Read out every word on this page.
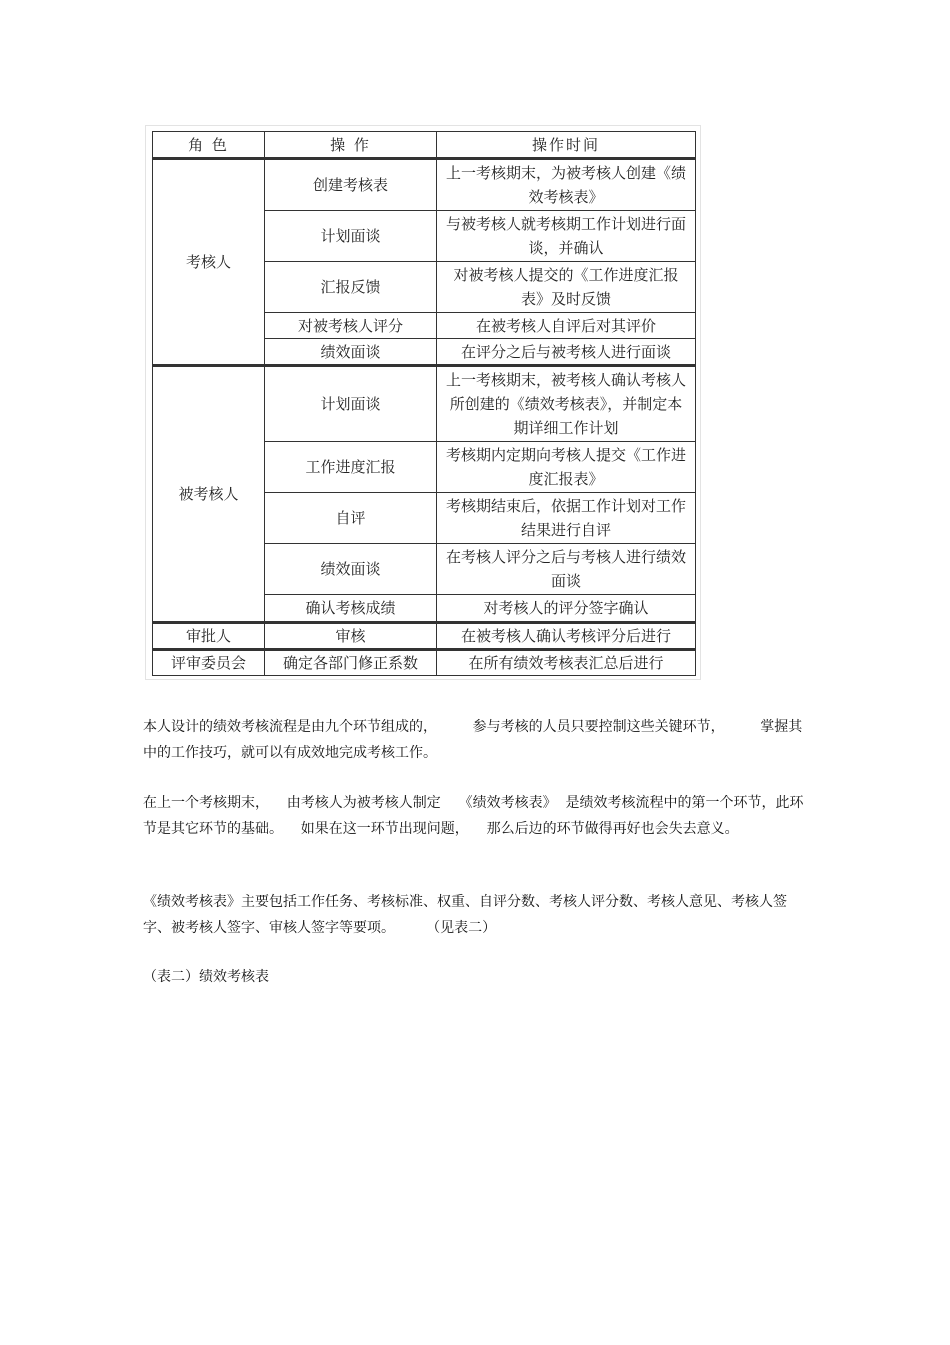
角 色	操 作	操作时间
考核人	创建考核表	上一考核期末，为被考核人创建《绩效考核表》
	计划面谈	与被考核人就考核期工作计划进行面谈，并确认
	汇报反馈	对被考核人提交的《工作进度汇报表》及时反馈
	对被考核人评分	在被考核人自评后对其评价
	绩效面谈	在评分之后与被考核人进行面谈
被考核人	计划面谈	上一考核期末，被考核人确认考核人所创建的《绩效考核表》，并制定本期详细工作计划
	工作进度汇报	考核期内定期向考核人提交《工作进度汇报表》
	自评	考核期结束后，依据工作计划对工作结果进行自评
	绩效面谈	在考核人评分之后与考核人进行绩效面谈
	确认考核成绩	对考核人的评分签字确认
审批人	审核	在被考核人确认考核评分后进行
评审委员会	确定各部门修正系数	在所有绩效考核表汇总后进行

本人设计的绩效考核流程是由九个环节组成的，        参与考核的人员只要控制这些关键环节，        掌握其中的工作技巧，就可以有成效地完成考核工作。

在上一个考核期末，    由考核人为被考核人制定    《绩效考核表》  是绩效考核流程中的第一个环节，此环节是其它环节的基础。    如果在这一环节出现问题，    那么后边的环节做得再好也会失去意义。

《绩效考核表》主要包括工作任务、考核标准、权重、自评分数、考核人评分数、考核人意见、考核人签字、被考核人签字、审核人签字等要项。       （见表二）

（表二）绩效考核表
